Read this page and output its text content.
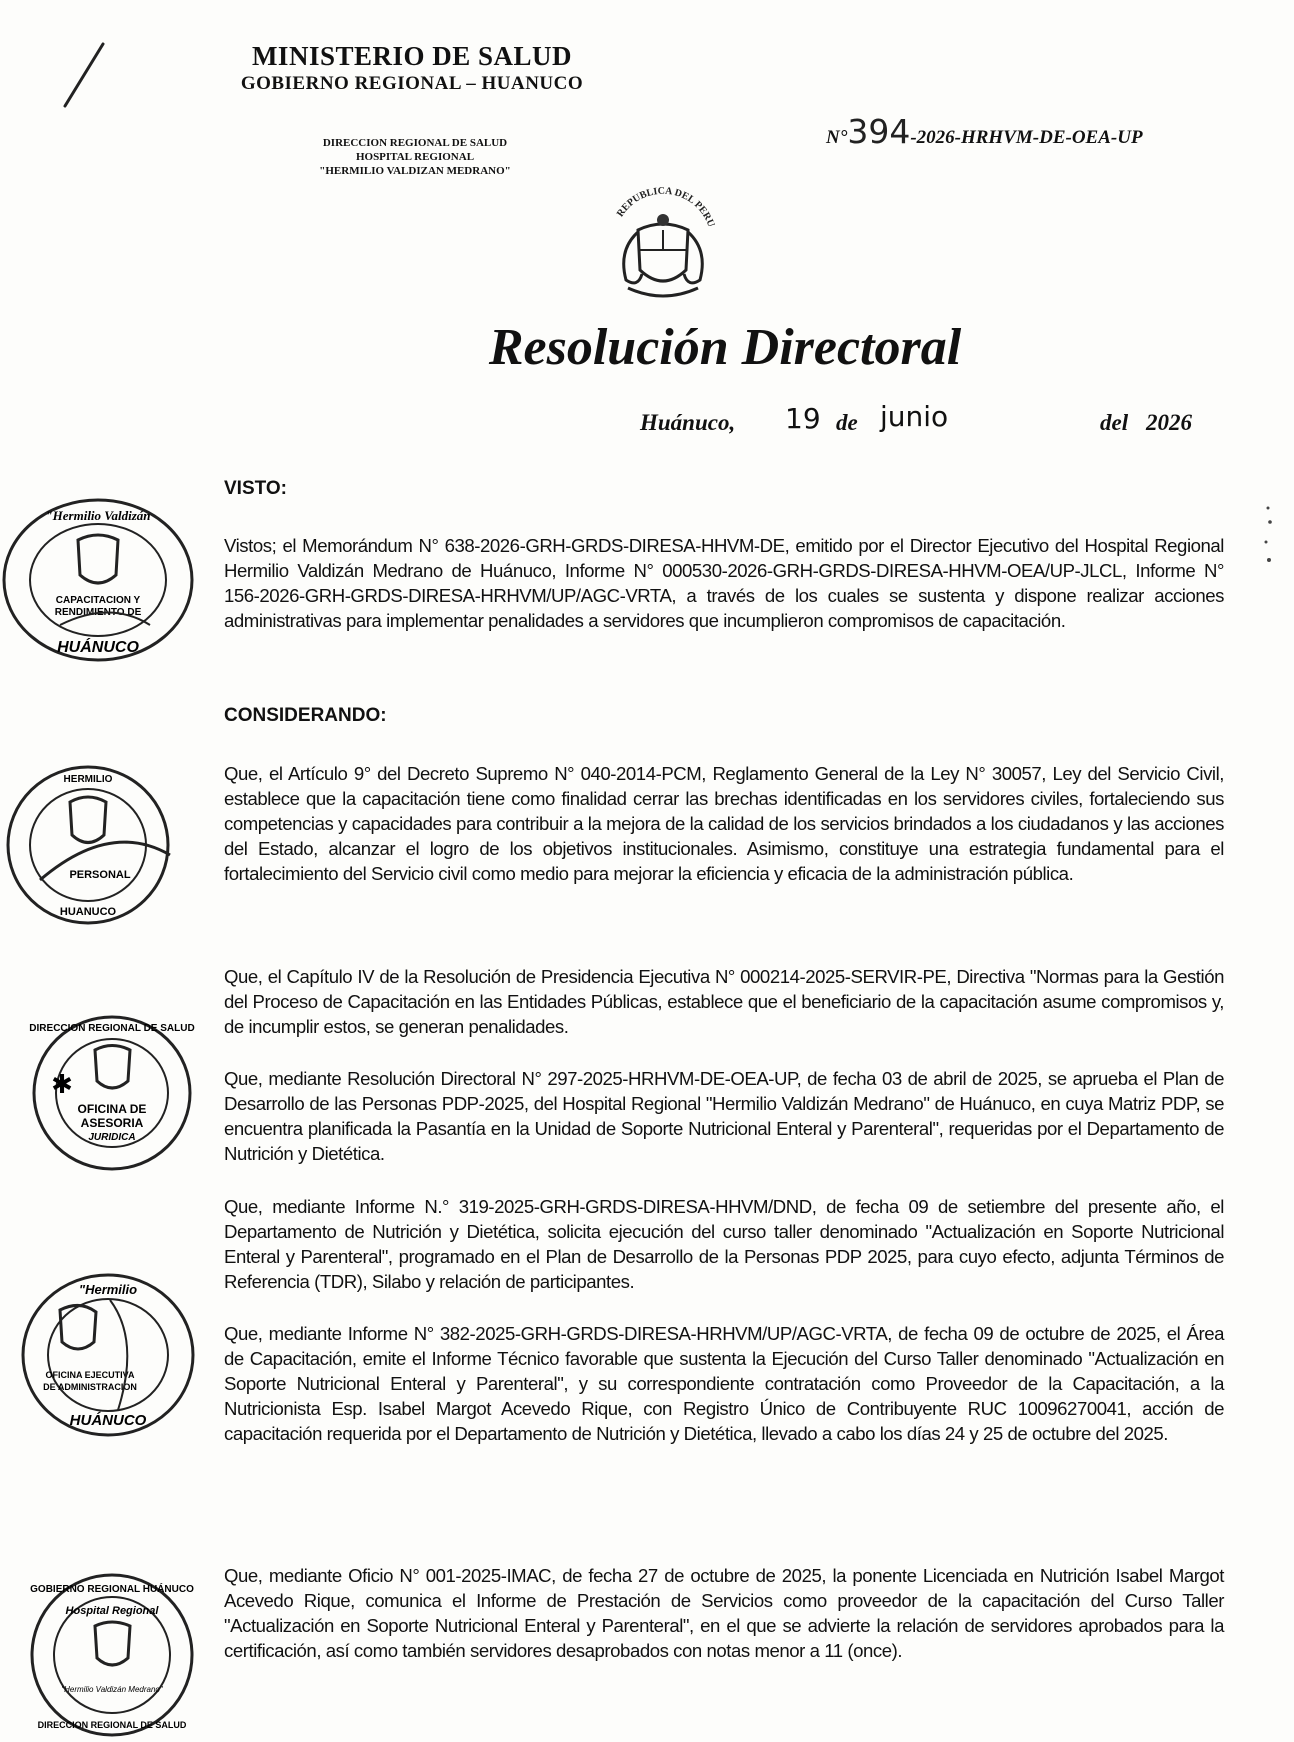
MINISTERIO DE SALUD
GOBIERNO REGIONAL – HUANUCO
DIRECCION REGIONAL DE SALUD
HOSPITAL REGIONAL
"HERMILIO VALDIZAN MEDRANO"
N°394-2026-HRHVM-DE-OEA-UP
REPUBLICA DEL PERU
Resolución Directoral
Huánuco, 19 de junio	del 2026
VISTO:
Vistos; el Memorándum N° 638-2026-GRH-GRDS-DIRESA-HHVM-DE, emitido por el Director Ejecutivo del Hospital Regional Hermilio Valdizán Medrano de Huánuco, Informe N° 000530-2026-GRH-GRDS-DIRESA-HHVM-OEA/UP-JLCL, Informe N° 156-2026-GRH-GRDS-DIRESA-HRHVM/UP/AGC-VRTA, a través de los cuales se sustenta y dispone realizar acciones administrativas para implementar penalidades a servidores que incumplieron compromisos de capacitación.
CONSIDERANDO:
Que, el Artículo 9° del Decreto Supremo N° 040-2014-PCM, Reglamento General de la Ley N° 30057, Ley del Servicio Civil, establece que la capacitación tiene como finalidad cerrar las brechas identificadas en los servidores civiles, fortaleciendo sus competencias y capacidades para contribuir a la mejora de la calidad de los servicios brindados a los ciudadanos y las acciones del Estado, alcanzar el logro de los objetivos institucionales. Asimismo, constituye una estrategia fundamental para el fortalecimiento del Servicio civil como medio para mejorar la eficiencia y eficacia de la administración pública.
Que, el Capítulo IV de la Resolución de Presidencia Ejecutiva N° 000214-2025-SERVIR-PE, Directiva "Normas para la Gestión del Proceso de Capacitación en las Entidades Públicas, establece que el beneficiario de la capacitación asume compromisos y, de incumplir estos, se generan penalidades.
Que, mediante Resolución Directoral N° 297-2025-HRHVM-DE-OEA-UP, de fecha 03 de abril de 2025, se aprueba el Plan de Desarrollo de las Personas PDP-2025, del Hospital Regional "Hermilio Valdizán Medrano" de Huánuco, en cuya Matriz PDP, se encuentra planificada la Pasantía en la Unidad de Soporte Nutricional Enteral y Parenteral", requeridas por el Departamento de Nutrición y Dietética.
Que, mediante Informe N.° 319-2025-GRH-GRDS-DIRESA-HHVM/DND, de fecha 09 de setiembre del presente año, el Departamento de Nutrición y Dietética, solicita ejecución del curso taller denominado "Actualización en Soporte Nutricional Enteral y Parenteral", programado en el Plan de Desarrollo de la Personas PDP 2025, para cuyo efecto, adjunta Términos de Referencia (TDR), Silabo y relación de participantes.
Que, mediante Informe N° 382-2025-GRH-GRDS-DIRESA-HRHVM/UP/AGC-VRTA, de fecha 09 de octubre de 2025, el Área de Capacitación, emite el Informe Técnico favorable que sustenta la Ejecución del Curso Taller denominado "Actualización en Soporte Nutricional Enteral y Parenteral", y su correspondiente contratación como Proveedor de la Capacitación, a la Nutricionista Esp. Isabel Margot Acevedo Rique, con Registro Único de Contribuyente RUC 10096270041, acción de capacitación requerida por el Departamento de Nutrición y Dietética, llevado a cabo los días 24 y 25 de octubre del 2025.
Que, mediante Oficio N° 001-2025-IMAC, de fecha 27 de octubre de 2025, la ponente Licenciada en Nutrición Isabel Margot Acevedo Rique, comunica el Informe de Prestación de Servicios como proveedor de la capacitación del Curso Taller "Actualización en Soporte Nutricional Enteral y Parenteral", en el que se advierte la relación de servidores aprobados para la certificación, así como también servidores desaprobados con notas menor a 11 (once).
"Hermilio Valdizán
CAPACITACION Y
RENDIMIENTO DE
HUÁNUCO
HERMILIO
PERSONAL
HUANUCO
DIRECCION REGIONAL DE SALUD
OFICINA DE
ASESORIA
JURIDICA
✱
"Hermilio
OFICINA EJECUTIVA
DE ADMINISTRACION
HUÁNUCO
GOBIERNO REGIONAL HUÁNUCO
Hospital Regional
"Hermilio Valdizán Medrano"
DIRECCION REGIONAL DE SALUD
